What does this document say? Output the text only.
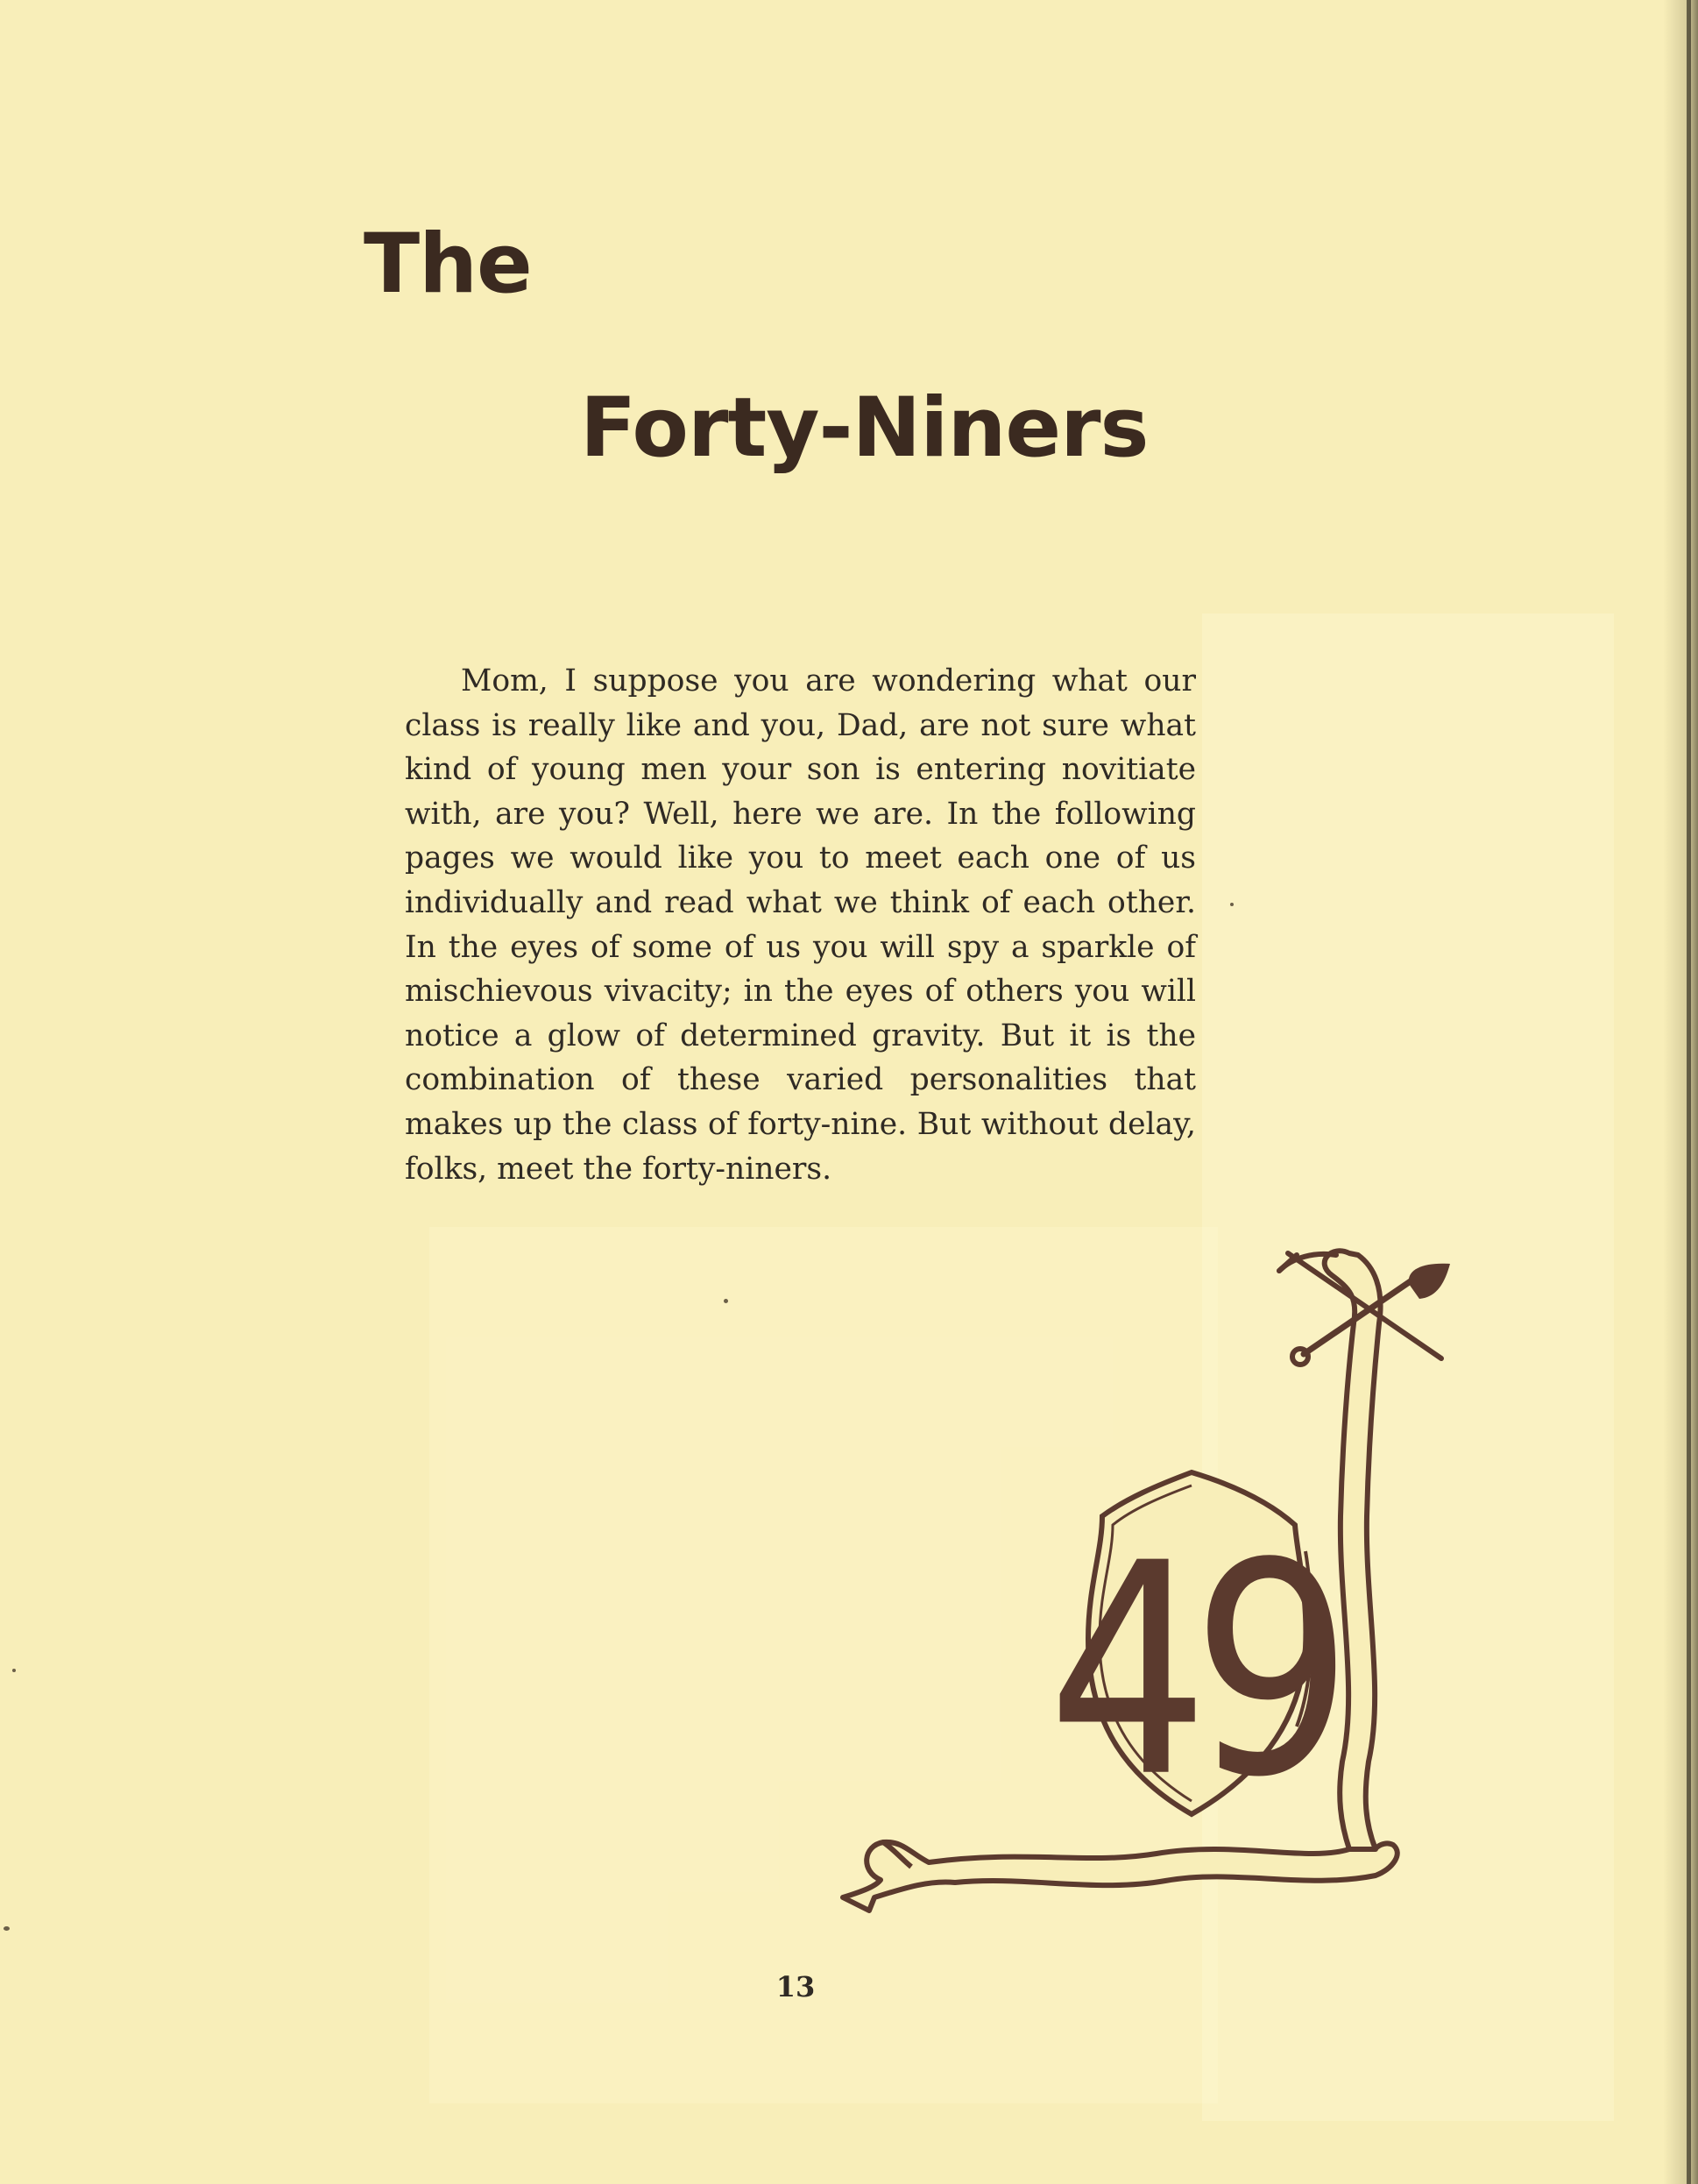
The
Forty-Niners

Mom, I suppose you are wondering what our class is really like and you, Dad, are not sure what kind of young men your son is entering novitiate with, are you? Well, here we are. In the following pages we would like you to meet each one of us individually and read what we think of each other. In the eyes of some of us you will spy a sparkle of mischievous vivacity; in the eyes of others you will notice a glow of determined gravity. But it is the combination of these varied personalities that makes up the class of forty-nine. But without delay, folks, meet the forty-niners.

49
13
